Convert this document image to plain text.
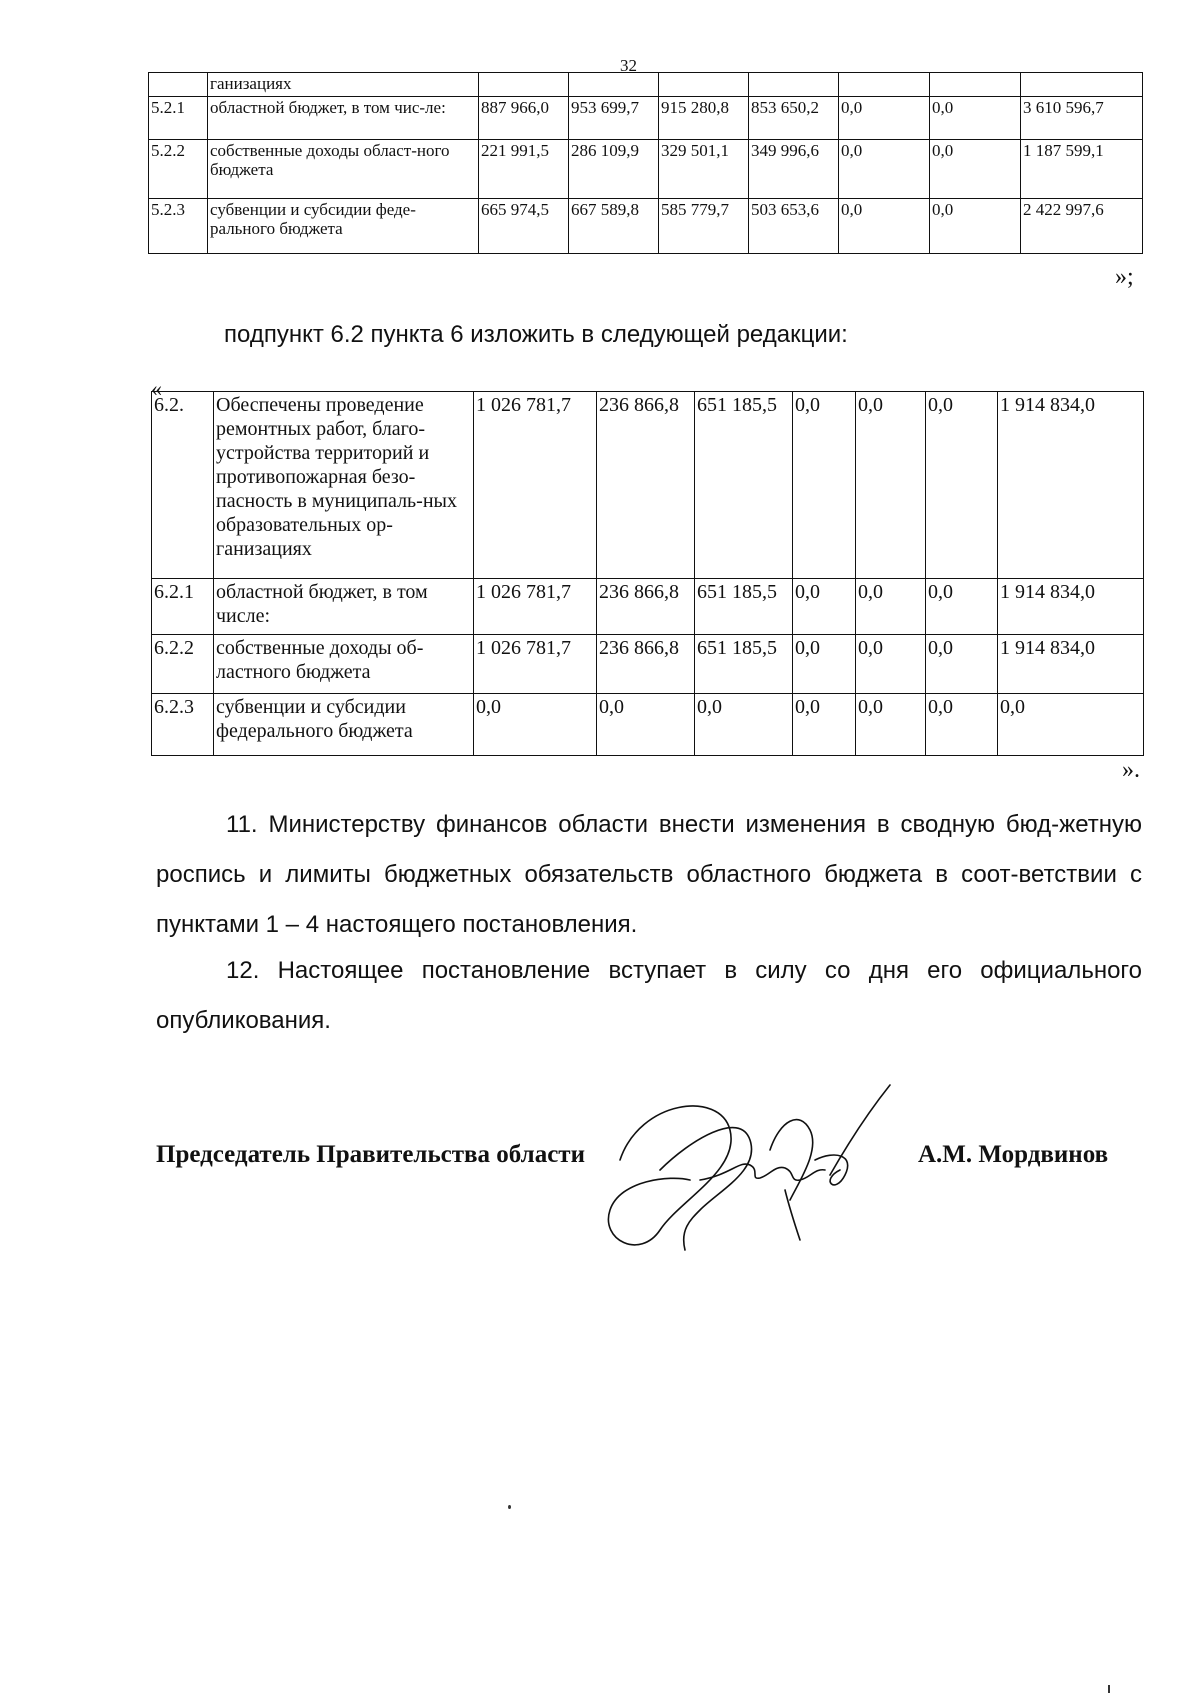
32
	ганизациях							
5.2.1	областной бюджет, в том чис-ле:	887 966,0	953 699,7	915 280,8	853 650,2	0,0	0,0	3 610 596,7
5.2.2	собственные доходы област-ного бюджета	221 991,5	286 109,9	329 501,1	349 996,6	0,0	0,0	1 187 599,1
5.2.3	субвенции и субсидии феде-рального бюджета	665 974,5	667 589,8	585 779,7	503 653,6	0,0	0,0	2 422 997,6
»;
подпункт 6.2 пункта 6 изложить в следующей редакции:
«
6.2.	Обеспечены проведение ремонтных работ, благо-устройства территорий и противопожарная безо-пасность в муниципаль-ных образовательных ор-ганизациях	1 026 781,7	236 866,8	651 185,5	0,0	0,0	0,0	1 914 834,0
6.2.1	областной бюджет, в том числе:	1 026 781,7	236 866,8	651 185,5	0,0	0,0	0,0	1 914 834,0
6.2.2	собственные доходы об-ластного бюджета	1 026 781,7	236 866,8	651 185,5	0,0	0,0	0,0	1 914 834,0
6.2.3	субвенции и субсидии федерального бюджета	0,0	0,0	0,0	0,0	0,0	0,0	0,0
».

11. Министерству финансов области внести изменения в сводную бюд-жетную роспись и лимиты бюджетных обязательств областного бюджета в соот-ветствии с пунктами 1 – 4 настоящего постановления.

12. Настоящее постановление вступает в силу со дня его официального опубликования.

Председатель Правительства области	А.М. Мордвинов
